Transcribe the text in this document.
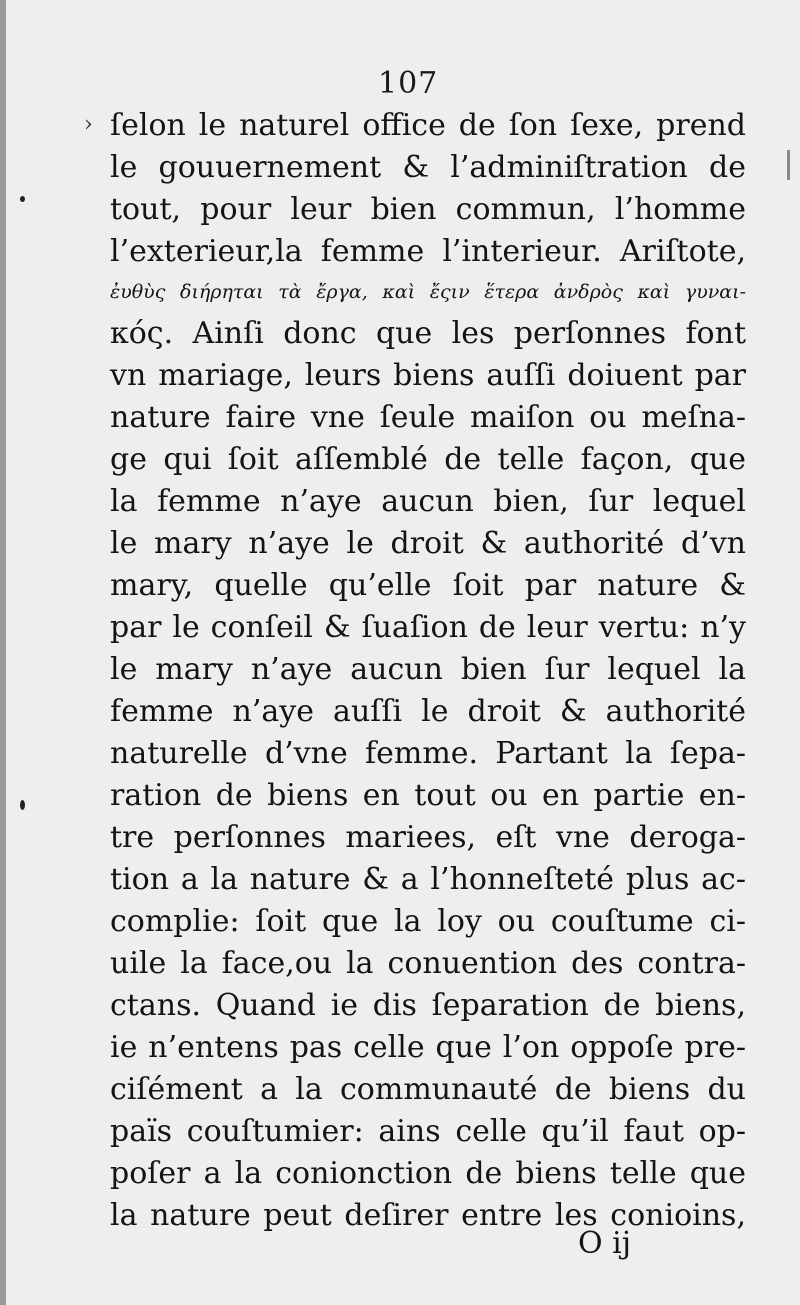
107
ſelon le naturel office de ſon ſexe, prend
le gouuernement & l’adminiſtration de
tout, pour leur bien commun, l’homme
l’exterieur,la femme l’interieur. Ariſtote,
ἐυθὺς διήρηται τὰ ἔργα, καὶ ἔςιν ἕτερα ἀνδρὸς καὶ γυναι-
κός. Ainſi donc que les perſonnes font
vn mariage, leurs biens auſſi doiuent par
nature faire vne ſeule maiſon ou meſna-
ge qui ſoit aſſemblé de telle façon, que
la femme n’aye aucun bien, ſur lequel
le mary n’aye le droit & authorité d’vn
mary, quelle qu’elle ſoit par nature &
par le conſeil & ſuaſion de leur vertu: n’y
le mary n’aye aucun bien ſur lequel la
femme n’aye auſſi le droit & authorité
naturelle d’vne femme. Partant la ſepa-
ration de biens en tout ou en partie en-
tre perſonnes mariees, eſt vne deroga-
tion a la nature & a l’honneſteté plus ac-
complie: ſoit que la loy ou couſtume ci-
uile la face,ou la conuention des contra-
ctans. Quand ie dis ſeparation de biens,
ie n’entens pas celle que l’on oppoſe pre-
ciſément a la communauté de biens du
païs couſtumier: ains celle qu’il faut op-
poſer a la conionction de biens telle que
la nature peut deſirer entre les conioins,
O ij
›
